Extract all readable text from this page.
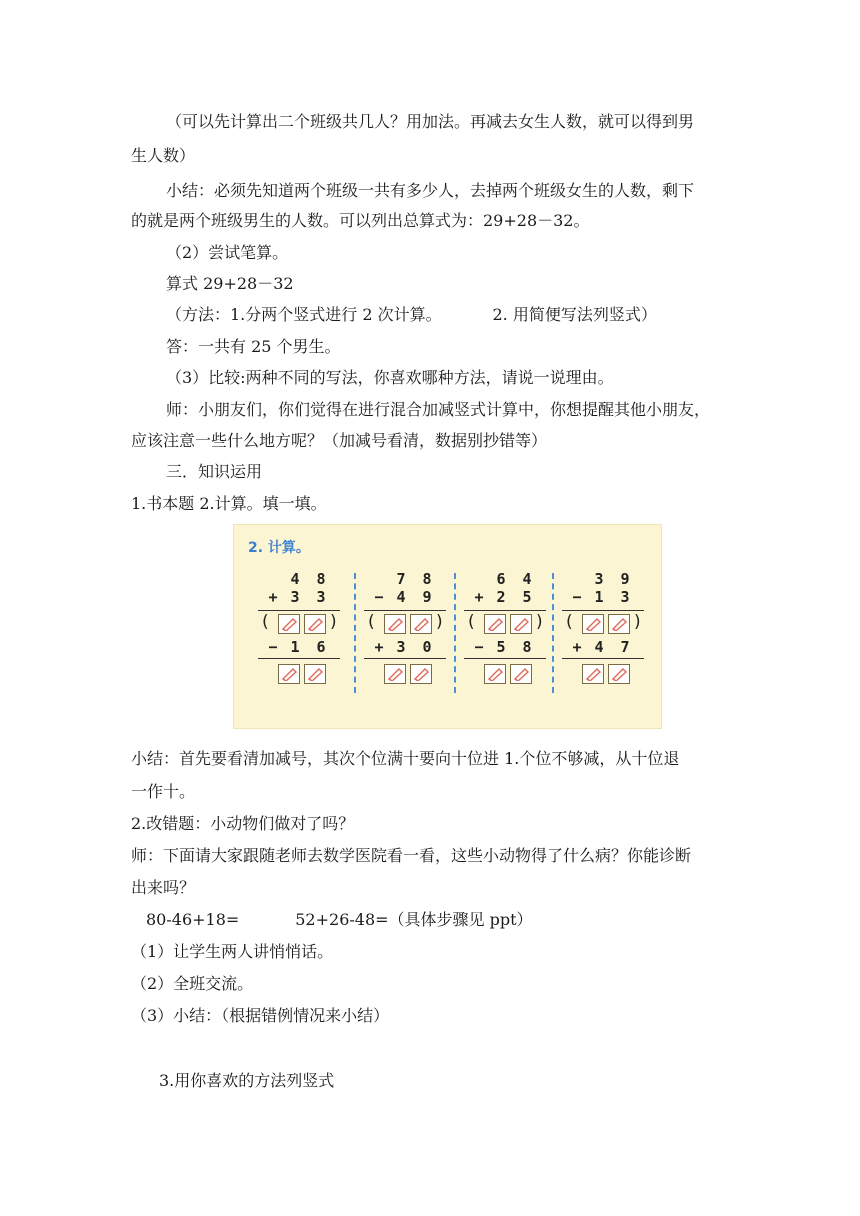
（可以先计算出二个班级共几人？用加法。再减去女生人数，就可以得到男
生人数）
小结：必须先知道两个班级一共有多少人，去掉两个班级女生的人数，剩下
的就是两个班级男生的人数。可以列出总算式为：29+28－32。
（2）尝试笔算。
算式 29+28－32
（方法：1.分两个竖式进行 2 次计算。          2. 用简便写法列竖式）
答：一共有 25 个男生。
（3）比较:两种不同的写法，你喜欢哪种方法，请说一说理由。
师：小朋友们，你们觉得在进行混合加减竖式计算中，你想提醒其他小朋友，
应该注意一些什么地方呢？（加减号看清，数据别抄错等）
三．知识运用
1.书本题 2.计算。填一填。
2. 计算。
4 8
+ 3 3
(	)
− 1 6
7 8
− 4 9
(	)
+ 3 0
6 4
+ 2 5
(	)
− 5 8
3 9
− 1 3
(	)
+ 4 7
小结：首先要看清加减号，其次个位满十要向十位进 1.个位不够减，从十位退
一作十。
2.改错题：小动物们做对了吗？
师：下面请大家跟随老师去数学医院看一看，这些小动物得了什么病？你能诊断
出来吗？
80-46+18=           52+26-48=（具体步骤见 ppt）
（1）让学生两人讲悄悄话。
（2）全班交流。
（3）小结：（根据错例情况来小结）
3.用你喜欢的方法列竖式
